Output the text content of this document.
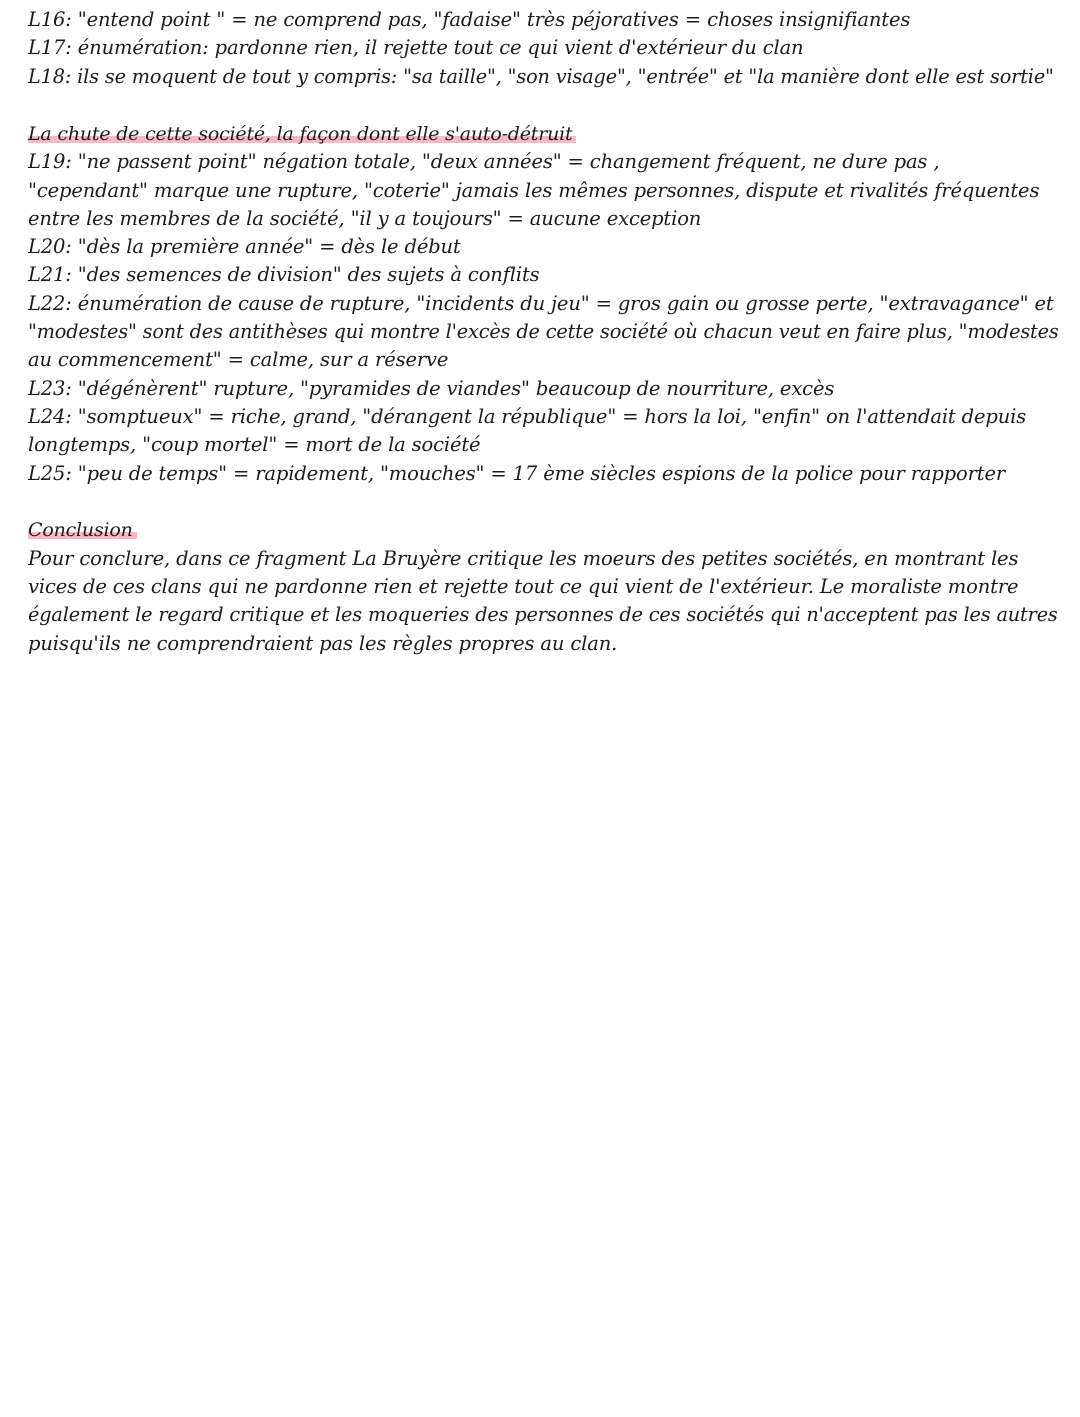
L16: "entend point " = ne comprend pas, "fadaise" très péjoratives = choses insignifiantes
L17: énumération: pardonne rien, il rejette tout ce qui vient d'extérieur du clan
L18: ils se moquent de tout y compris: "sa taille", "son visage", "entrée" et "la manière dont elle est sortie"
La chute de cette société, la façon dont elle s'auto-détruit
L19: "ne passent point" négation totale, "deux années" = changement fréquent, ne dure pas ,
"cependant" marque une rupture, "coterie" jamais les mêmes personnes, dispute et rivalités fréquentes
entre les membres de la société, "il y a toujours" = aucune exception
L20: "dès la première année" = dès le début
L21: "des semences de division" des sujets à conflits
L22: énumération de cause de rupture, "incidents du jeu" = gros gain ou grosse perte, "extravagance" et
"modestes" sont des antithèses qui montre l'excès de cette société où chacun veut en faire plus, "modestes
au commencement" = calme, sur a réserve
L23: "dégénèrent" rupture, "pyramides de viandes" beaucoup de nourriture, excès
L24: "somptueux" = riche, grand, "dérangent la république" = hors la loi, "enfin" on l'attendait depuis
longtemps, "coup mortel" = mort de la société
L25: "peu de temps" = rapidement, "mouches" = 17 ème siècles espions de la police pour rapporter
Conclusion
Pour conclure, dans ce fragment La Bruyère critique les moeurs des petites sociétés, en montrant les
vices de ces clans qui ne pardonne rien et rejette tout ce qui vient de l'extérieur. Le moraliste montre
également le regard critique et les moqueries des personnes de ces sociétés qui n'acceptent pas les autres
puisqu'ils ne comprendraient pas les règles propres au clan.
